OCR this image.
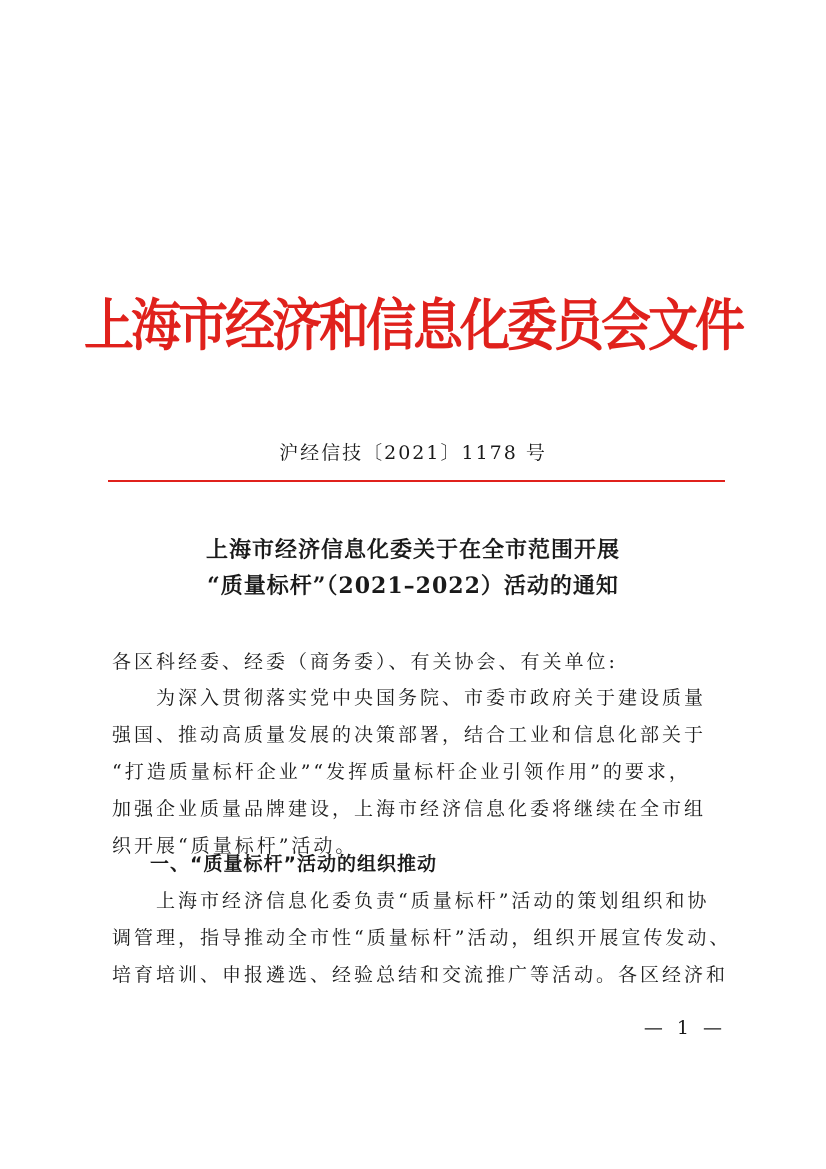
上海市经济和信息化委员会文件
沪经信技〔2021〕1178 号
上海市经济信息化委关于在全市范围开展
“质量标杆”（2021–2022）活动的通知
各区科经委、经委（商务委）、有关协会、有关单位:
　　为深入贯彻落实党中央国务院、市委市政府关于建设质量
强国、推动高质量发展的决策部署，结合工业和信息化部关于
“打造质量标杆企业”“发挥质量标杆企业引领作用”的要求，
加强企业质量品牌建设，上海市经济信息化委将继续在全市组
织开展“质量标杆”活动。
一、“质量标杆”活动的组织推动
　　上海市经济信息化委负责“质量标杆”活动的策划组织和协
调管理，指导推动全市性“质量标杆”活动，组织开展宣传发动、
培育培训、申报遴选、经验总结和交流推广等活动。各区经济和
— 1 —
